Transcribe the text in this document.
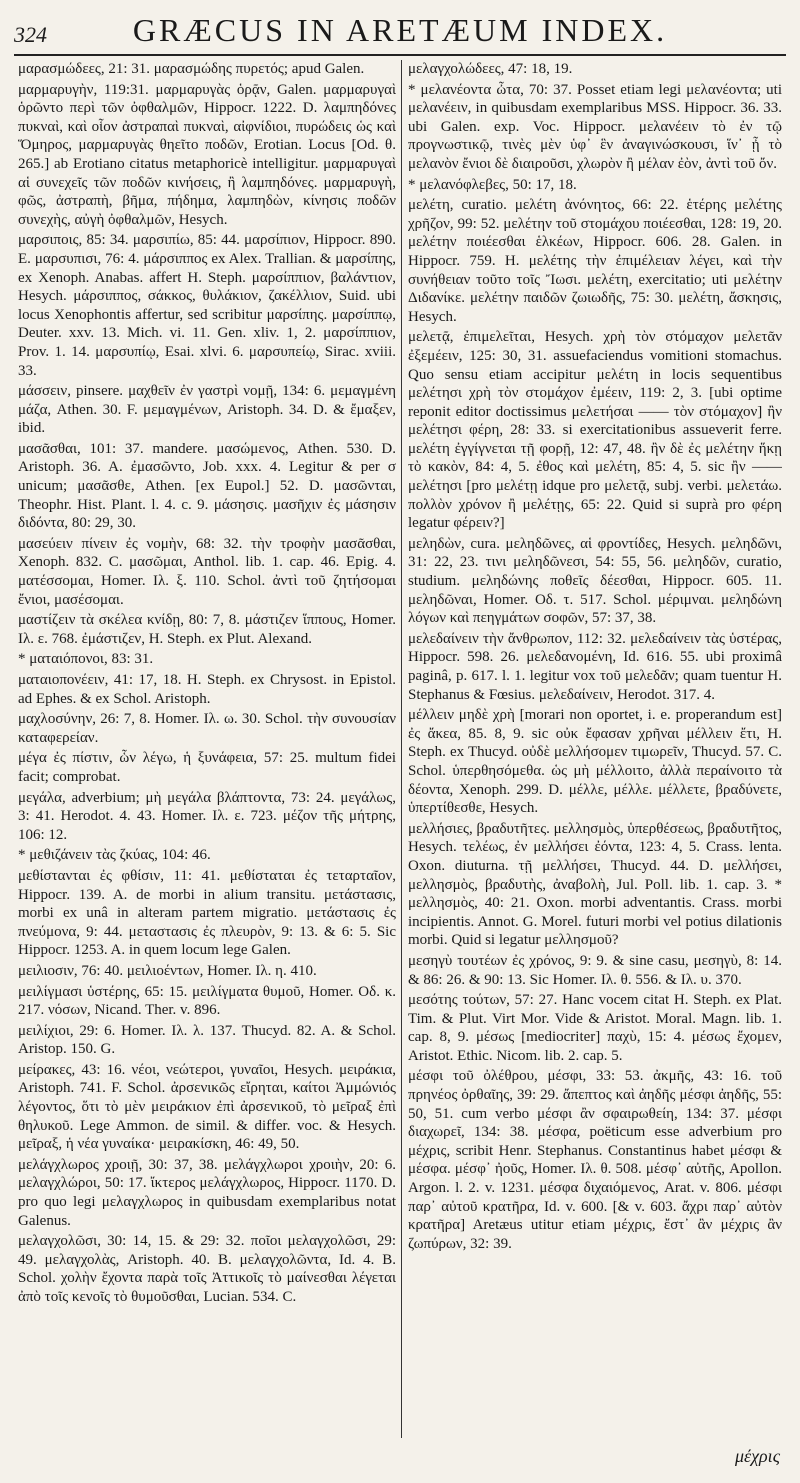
324	GRÆCUS IN ARETÆUM INDEX.

μαρασμώδεες, 21: 31. μαρασμώδης πυρετός; apud Galen.

μαρμαρυγὴν, 119:31. μαρμαρυγὰς ὁρᾷν, Galen. μαρμαρυγαὶ ὁρῶντο περὶ τῶν ὀφθαλμῶν, Hippocr. 1222. D. λαμπηδόνες πυκναὶ, καὶ οἷον ἀστραπαὶ πυκναὶ, αἰφνίδιοι, πυρώδεις ὡς καὶ Ὅμηρος, μαρμαρυγὰς θηεῖτο ποδῶν, Erotian. Locus [Od. θ. 265.] ab Erotiano citatus metaphoricè intelligitur. μαρμαρυγαὶ αἱ συνεχεῖς τῶν ποδῶν κινήσεις, ἢ λαμπηδόνες. μαρμαρυγὴ, φῶς, ἀστραπὴ, βῆμα, πήδημα, λαμπηδὼν, κίνησις ποδῶν συνεχὴς, αὐγὴ ὀφθαλμῶν, Hesych.

μαρσιποις, 85: 34. μαρσιπίω, 85: 44. μαρσίπιον, Hippocr. 890. E. μαρσυπισι, 76: 4. μάρσιππος ex Alex. Trallian. & μαρσίπης, ex Xenoph. Anabas. affert H. Steph. μαρσίππιον, βαλάντιον, Hesych. μάρσιππος, σάκκος, θυλάκιον, ζακέλλιον, Suid. ubi locus Xenophontis affertur, sed scribitur μαρσίπης. μαρσίππῳ, Deuter. xxv. 13. Mich. vi. 11. Gen. xliv. 1, 2. μαρσίππιον, Prov. 1. 14. μαρσυπίῳ, Esai. xlvi. 6. μαρσυπείῳ, Sirac. xviii. 33.

μάσσειν, pinsere. μαχθεῖν ἐν γαστρὶ νομῇ, 134: 6. μεμαγμένη μάζα, Athen. 30. F. μεμαγμένων, Aristoph. 34. D. & ἔμαξεν, ibid.

μασᾶσθαι, 101: 37. mandere. μασώμενος, Athen. 530. D. Aristoph. 36. A. ἐμασῶντο, Job. xxx. 4. Legitur & per σ unicum; μασᾶσθε, Athen. [ex Eupol.] 52. D. μασῶνται, Theophr. Hist. Plant. l. 4. c. 9. μάσησις. μασῆχιν ἐς μάσησιν διδόντα, 80: 29, 30.

μασεύειν πίνειν ἐς νομὴν, 68: 32. τὴν τροφὴν μασᾶσθαι, Xenoph. 832. C. μασῶμαι, Anthol. lib. 1. cap. 46. Epig. 4. ματέσσομαι, Homer. Ιλ. ξ. 110. Schol. ἀντὶ τοῦ ζητήσομαι ἔνιοι, μασέσομαι.

μαστίζειν τὰ σκέλεα κνίδῃ, 80: 7, 8. μάστιζεν ἵππους, Homer. Ιλ. ε. 768. ἐμάστιζεν, H. Steph. ex Plut. Alexand.

* ματαιόπονοι, 83: 31.

ματαιοπονέειν, 41: 17, 18. H. Steph. ex Chrysost. in Epistol. ad Ephes. & ex Schol. Aristoph.

μαχλοσύνην, 26: 7, 8. Homer. Ιλ. ω. 30. Schol. τὴν συνουσίαν καταφερείαν.

μέγα ἐς πίστιν, ὧν λέγω, ἡ ξυνάφεια, 57: 25. multum fidei facit; comprobat.

μεγάλα, adverbium; μὴ μεγάλα βλάπτοντα, 73: 24. μεγάλως, 3: 41. Herodot. 4. 43. Homer. Ιλ. ε. 723. μέζον τῆς μήτρης, 106: 12.

* μεθιζάνειν τὰς ζκύας, 104: 46.

μεθίστανται ἐς φθίσιν, 11: 41. μεθίσταται ἐς τεταρταῖον, Hippocr. 139. A. de morbi in alium transitu. μετάστασις, morbi ex unâ in alteram partem migratio. μετάστασις ἐς πνεύμονα, 9: 44. μεταστασις ἐς πλευρὸν, 9: 13. & 6: 5. Sic Hippocr. 1253. A. in quem locum lege Galen.

μειλιοσιν, 76: 40. μειλιοέντων, Homer. Ιλ. η. 410.

μειλίγμασι ὑστέρης, 65: 15. μειλίγματα θυμοῦ, Homer. Οδ. κ. 217. νόσων, Nicand. Ther. v. 896.

μειλίχιοι, 29: 6. Homer. Ιλ. λ. 137. Thucyd. 82. A. & Schol. Aristop. 150. G.

μείρακες, 43: 16. νέοι, νεώτεροι, γυναῖοι, Hesych. μειράκια, Aristoph. 741. F. Schol. ἀρσενικῶς εἴρηται, καίτοι Ἀμμώνιός λέγοντος, ὅτι τὸ μὲν μειράκιον ἐπὶ ἀρσενικοῦ, τὸ μεῖραξ ἐπὶ θηλυκοῦ. Lege Ammon. de simil. & differ. voc. & Hesych. μεῖραξ, ἡ νέα γυναίκα· μειρακίσκη, 46: 49, 50.

μελάγχλωρος χροιῇ, 30: 37, 38. μελάγχλωροι χροιὴν, 20: 6. μελαγχλώροι, 50: 17. ἴκτερος μελάγχλωρος, Hippocr. 1170. D. pro quo legi μελαγχλωρος in quibusdam exemplaribus notat Galenus.

μελαγχολῶσι, 30: 14, 15. & 29: 32. ποῖοι μελαγχολῶσι, 29: 49. μελαγχολὰς, Aristoph. 40. B. μελαγχολῶντα, Id. 4. B. Schol. χολὴν ἔχοντα παρὰ τοῖς Ἀττικοῖς τὸ μαίνεσθαι λέγεται ἀπὸ τοῖς κενοῖς τὸ θυμοῦσθαι, Lucian. 534. C.

μελαγχολώδεες, 47: 18, 19.

* μελανέοντα ὦτα, 70: 37. Posset etiam legi μελανέοντα; uti μελανέειν, in quibusdam exemplaribus MSS. Hippocr. 36. 33. ubi Galen. exp. Voc. Hippocr. μελανέειν τὸ ἐν τῷ προγνωστικῷ, τινὲς μὲν ὑφ᾽ ἓν ἀναγινώσκουσι, ἵν᾽ ᾖ τὸ μελανὸν ἔνιοι δὲ διαιροῦσι, χλωρὸν ἢ μέλαν ἐὸν, ἀντὶ τοῦ ὄν.

* μελανόφλεβες, 50: 17, 18.

μελέτη, curatio. μελέτη ἀνόνητος, 66: 22. ἑτέρης μελέτης χρῆζον, 99: 52. μελέτην τοῦ στομάχου ποιέεσθαι, 128: 19, 20. μελέτην ποιέεσθαι ἑλκέων, Hippocr. 606. 28. Galen. in Hippocr. 759. H. μελέτης τὴν ἐπιμέλειαν λέγει, καὶ τὴν συνήθειαν τοῦτο τοῖς Ἴωσι. μελέτη, exercitatio; uti μελέτην Διδανίκε. μελέτην παιδῶν ζωιωδῆς, 75: 30. μελέτη, ἄσκησις, Hesych.

μελετᾷ, ἐπιμελεῖται, Hesych. χρὴ τὸν στόμαχον μελετᾶν ἐξεμέειν, 125: 30, 31. assuefaciendus vomitioni stomachus. Quo sensu etiam accipitur μελέτη in locis sequentibus μελέτησι χρὴ τὸν στομάχον ἐμέειν, 119: 2, 3. [ubi optime reponit editor doctissimus μελετήσαι —— τὸν στόμαχον] ἢν μελέτησι φέρη, 28: 33. si exercitationibus assueverit ferre. μελέτη ἐγγίγνεται τῇ φορῇ, 12: 47, 48. ἢν δὲ ἐς μελέτην ἥκῃ τὸ κακὸν, 84: 4, 5. ἐθος καὶ μελέτη, 85: 4, 5. sic ἢν —— μελέτησι [pro μελέτῃ idque pro μελετᾷ, subj. verbi. μελετάω. πολλὸν χρόνον ἢ μελέτῃς, 65: 22. Quid si suprà pro φέρη legatur φέρειν?]

μεληδὼν, cura. μεληδῶνες, αἱ φροντίδες, Hesych. μεληδῶνι, 31: 22, 23. τινι μεληδῶνεσι, 54: 55, 56. μεληδῶν, curatio, studium. μεληδώνης ποθεῖς δέεσθαι, Hippocr. 605. 11. μεληδῶναι, Homer. Οδ. τ. 517. Schol. μέριμναι. μεληδώνη λόγων καὶ πεηγμάτων σοφῶν, 57: 37, 38.

μελεδαίνειν τὴν ἄνθρωπον, 112: 32. μελεδαίνειν τὰς ὑστέρας, Hippocr. 598. 26. μελεδανομένη, Id. 616. 55. ubi proximâ paginâ, p. 617. l. 1. legitur vox τοῦ μελεδᾶν; quam tuentur H. Stephanus & Fœsius. μελεδαίνειν, Herodot. 317. 4.

μέλλειν μηδὲ χρὴ [morari non oportet, i. e. properandum est] ἐς ἄκεα, 85. 8, 9. sic οὐκ ἔφασαν χρῆναι μέλλειν ἔτι, H. Steph. ex Thucyd. οὐδὲ μελλήσομεν τιμωρεῖν, Thucyd. 57. C. Schol. ὑπερθησόμεθα. ὡς μὴ μέλλοιτο, ἀλλὰ περαίνοιτο τὰ δέοντα, Xenoph. 299. D. μέλλε, μέλλε. μέλλετε, βραδύνετε, ὑπερτίθεσθε, Hesych.

μελλήσιες, βραδυτῆτες. μελλησμὸς, ὑπερθέσεως, βραδυτῆτος, Hesych. τελέως, ἐν μελλήσει ἐόντα, 123: 4, 5. Crass. lenta. Oxon. diuturna. τῇ μελλήσει, Thucyd. 44. D. μελλήσει, μελλησμὸς, βραδυτὴς, ἀναβολὴ, Jul. Poll. lib. 1. cap. 3. * μελλησμὸς, 40: 21. Oxon. morbi adventantis. Crass. morbi incipientis. Annot. G. Morel. futuri morbi vel potius dilationis morbi. Quid si legatur μελλησμοῦ?

μεσηγὺ τουτέων ἐς χρόνος, 9: 9. & sine casu, μεσηγὺ, 8: 14. & 86: 26. & 90: 13. Sic Homer. Ιλ. θ. 556. & Ιλ. υ. 370.

μεσότης τούτων, 57: 27. Hanc vocem citat H. Steph. ex Plat. Tim. & Plut. Virt Mor. Vide & Aristot. Moral. Magn. lib. 1. cap. 8, 9. μέσως [mediocriter] παχὺ, 15: 4. μέσως ἔχομεν, Aristot. Ethic. Nicom. lib. 2. cap. 5.

μέσφι τοῦ ὀλέθρου, μέσφι, 33: 53. ἀκμῆς, 43: 16. τοῦ πρηνέος ὀρθαῖης, 39: 29. ἄπεπτος καὶ ἀηδῆς μέσφι ἀηδῆς, 55: 50, 51. cum verbo μέσφι ἂν σφαιρωθείη, 134: 37. μέσφι διαχωρεῖ, 134: 38. μέσφα, poëticum esse adverbium pro μέχρις, scribit Henr. Stephanus. Constantinus habet μέσφι & μέσφα. μέσφ᾽ ἠοῦς, Homer. Ιλ. θ. 508. μέσφ᾽ αὐτῆς, Apollon. Argon. l. 2. v. 1231. μέσφα διχαιόμενος, Arat. v. 806. μέσφι παρ᾽ αὐτοῦ κρατῆρα, Id. v. 600. [& v. 603. ἄχρι παρ᾽ αὐτὸν κρατῆρα] Aretæus utitur etiam μέχρις, ἔστ᾽ ἂν μέχρις ἂν ζωπύρων, 32: 39.

μέχρις
